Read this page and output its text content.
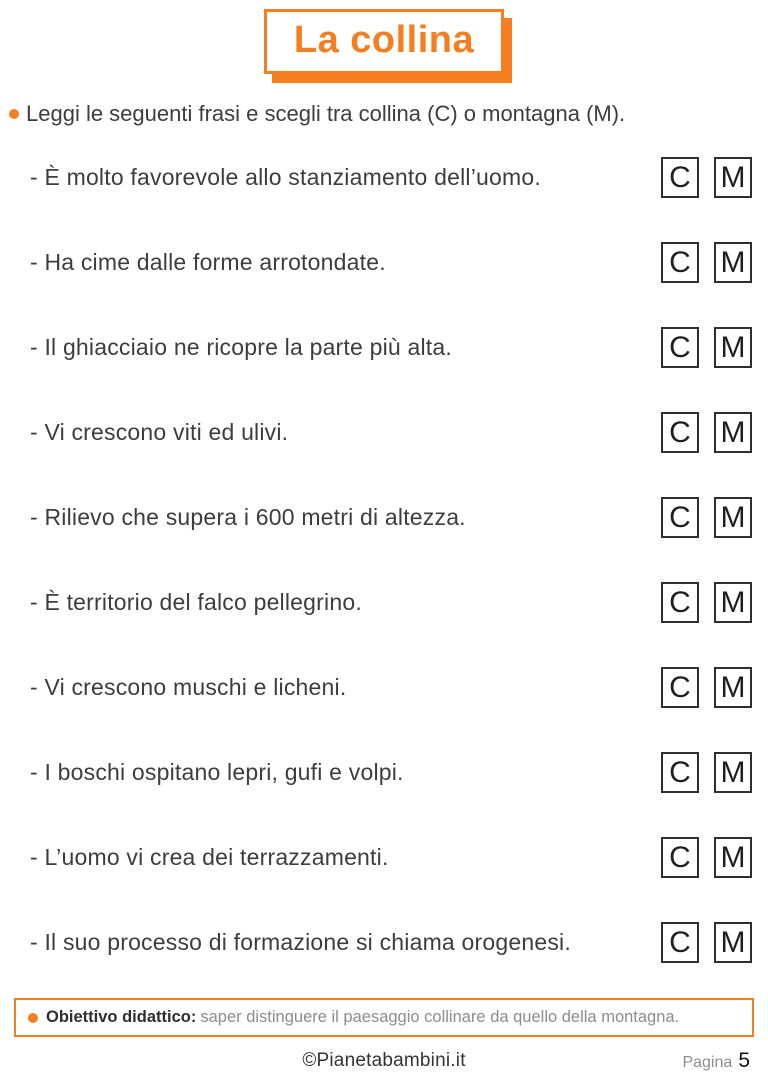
La collina
Leggi le seguenti frasi e scegli tra collina (C) o montagna (M).
- È molto favorevole allo stanziamento dell’uomo.	C M
- Ha cime dalle forme arrotondate.	C M
- Il ghiacciaio ne ricopre la parte più alta.	C M
- Vi crescono viti ed ulivi.	C M
- Rilievo che supera i 600 metri di altezza.	C M
- È territorio del falco pellegrino.	C M
- Vi crescono muschi e licheni.	C M
- I boschi ospitano lepri, gufi e volpi.	C M
- L’uomo vi crea dei terrazzamenti.	C M
- Il suo processo di formazione si chiama orogenesi.	C M
Obiettivo didattico: saper distinguere il paesaggio collinare da quello della montagna.
©Pianetabambini.it	Pagina 5
